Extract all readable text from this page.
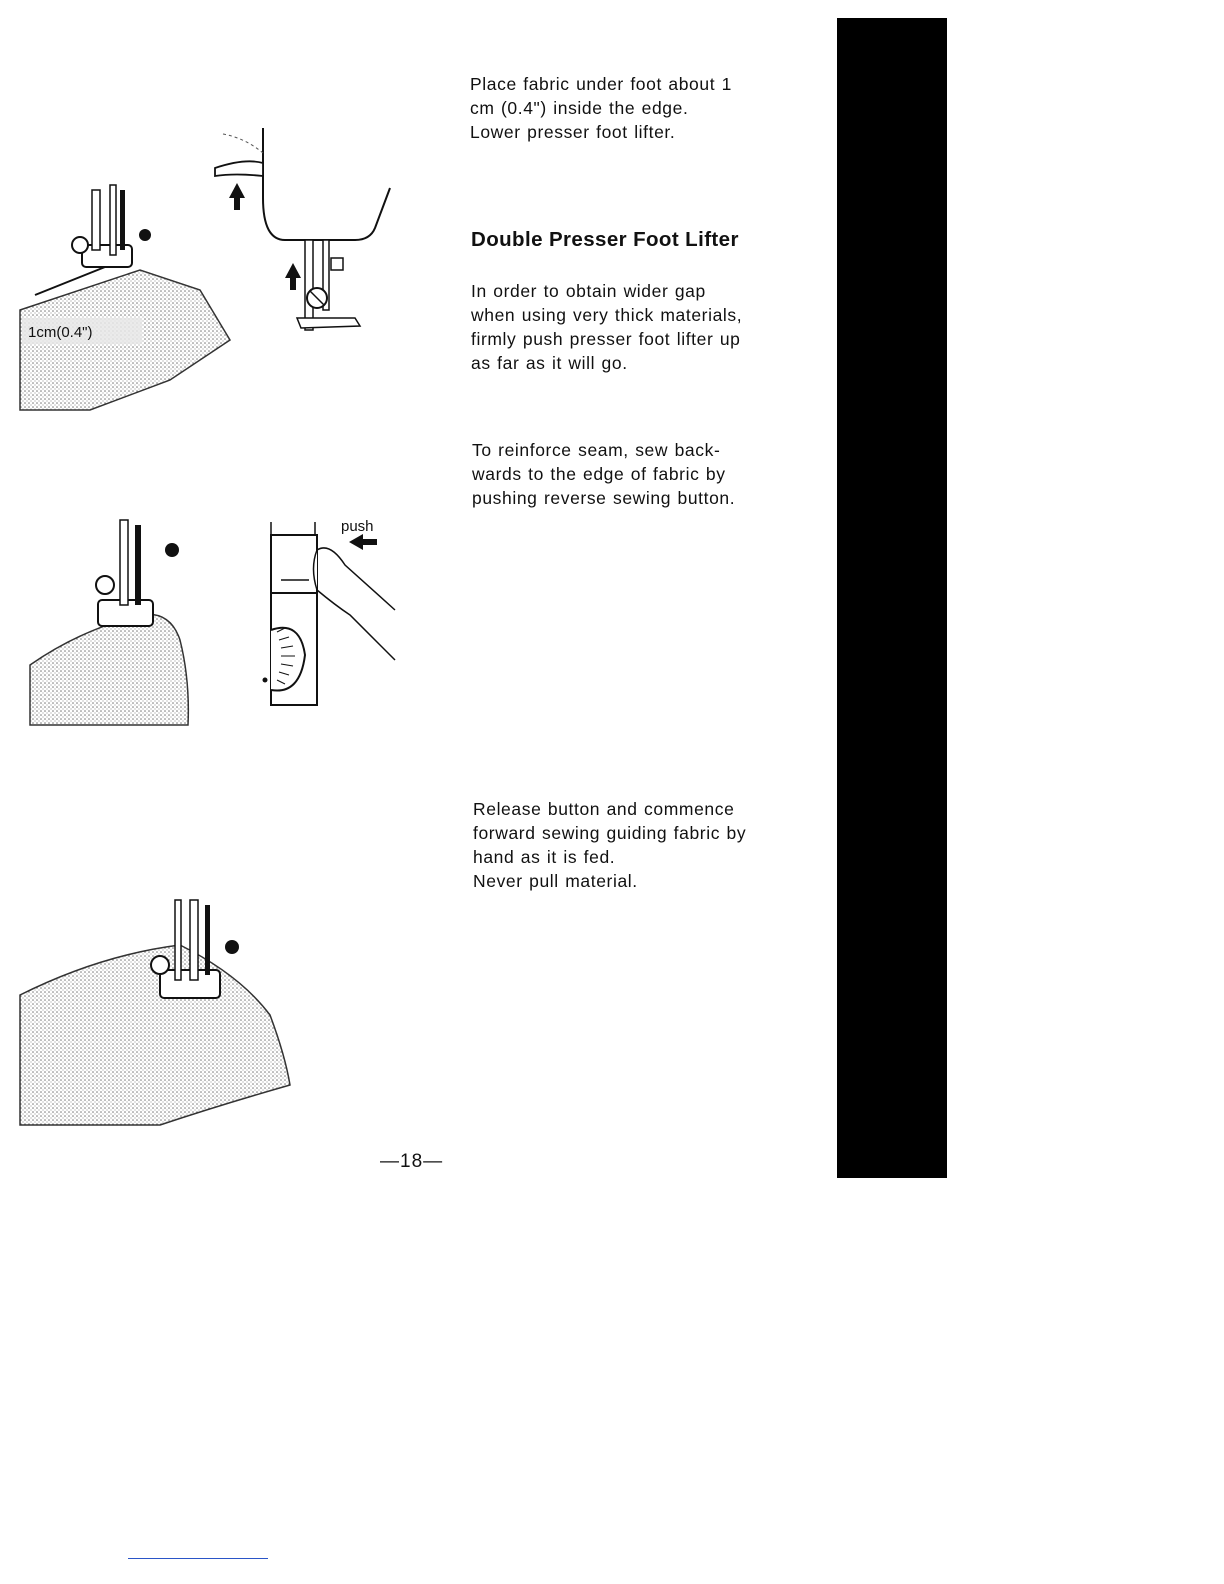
1cm(0.4")
push
Place fabric under foot about 1
cm (0.4") inside the edge.
Lower presser foot lifter.
Double Presser Foot Lifter
In order to obtain wider gap
when using very thick materials,
firmly push presser foot lifter up
as far as it will go.
To reinforce seam, sew back-
wards to the edge of fabric by
pushing reverse sewing button.
Release button and commence
forward sewing guiding fabric by
hand as it is fed.
Never pull material.
—18—
